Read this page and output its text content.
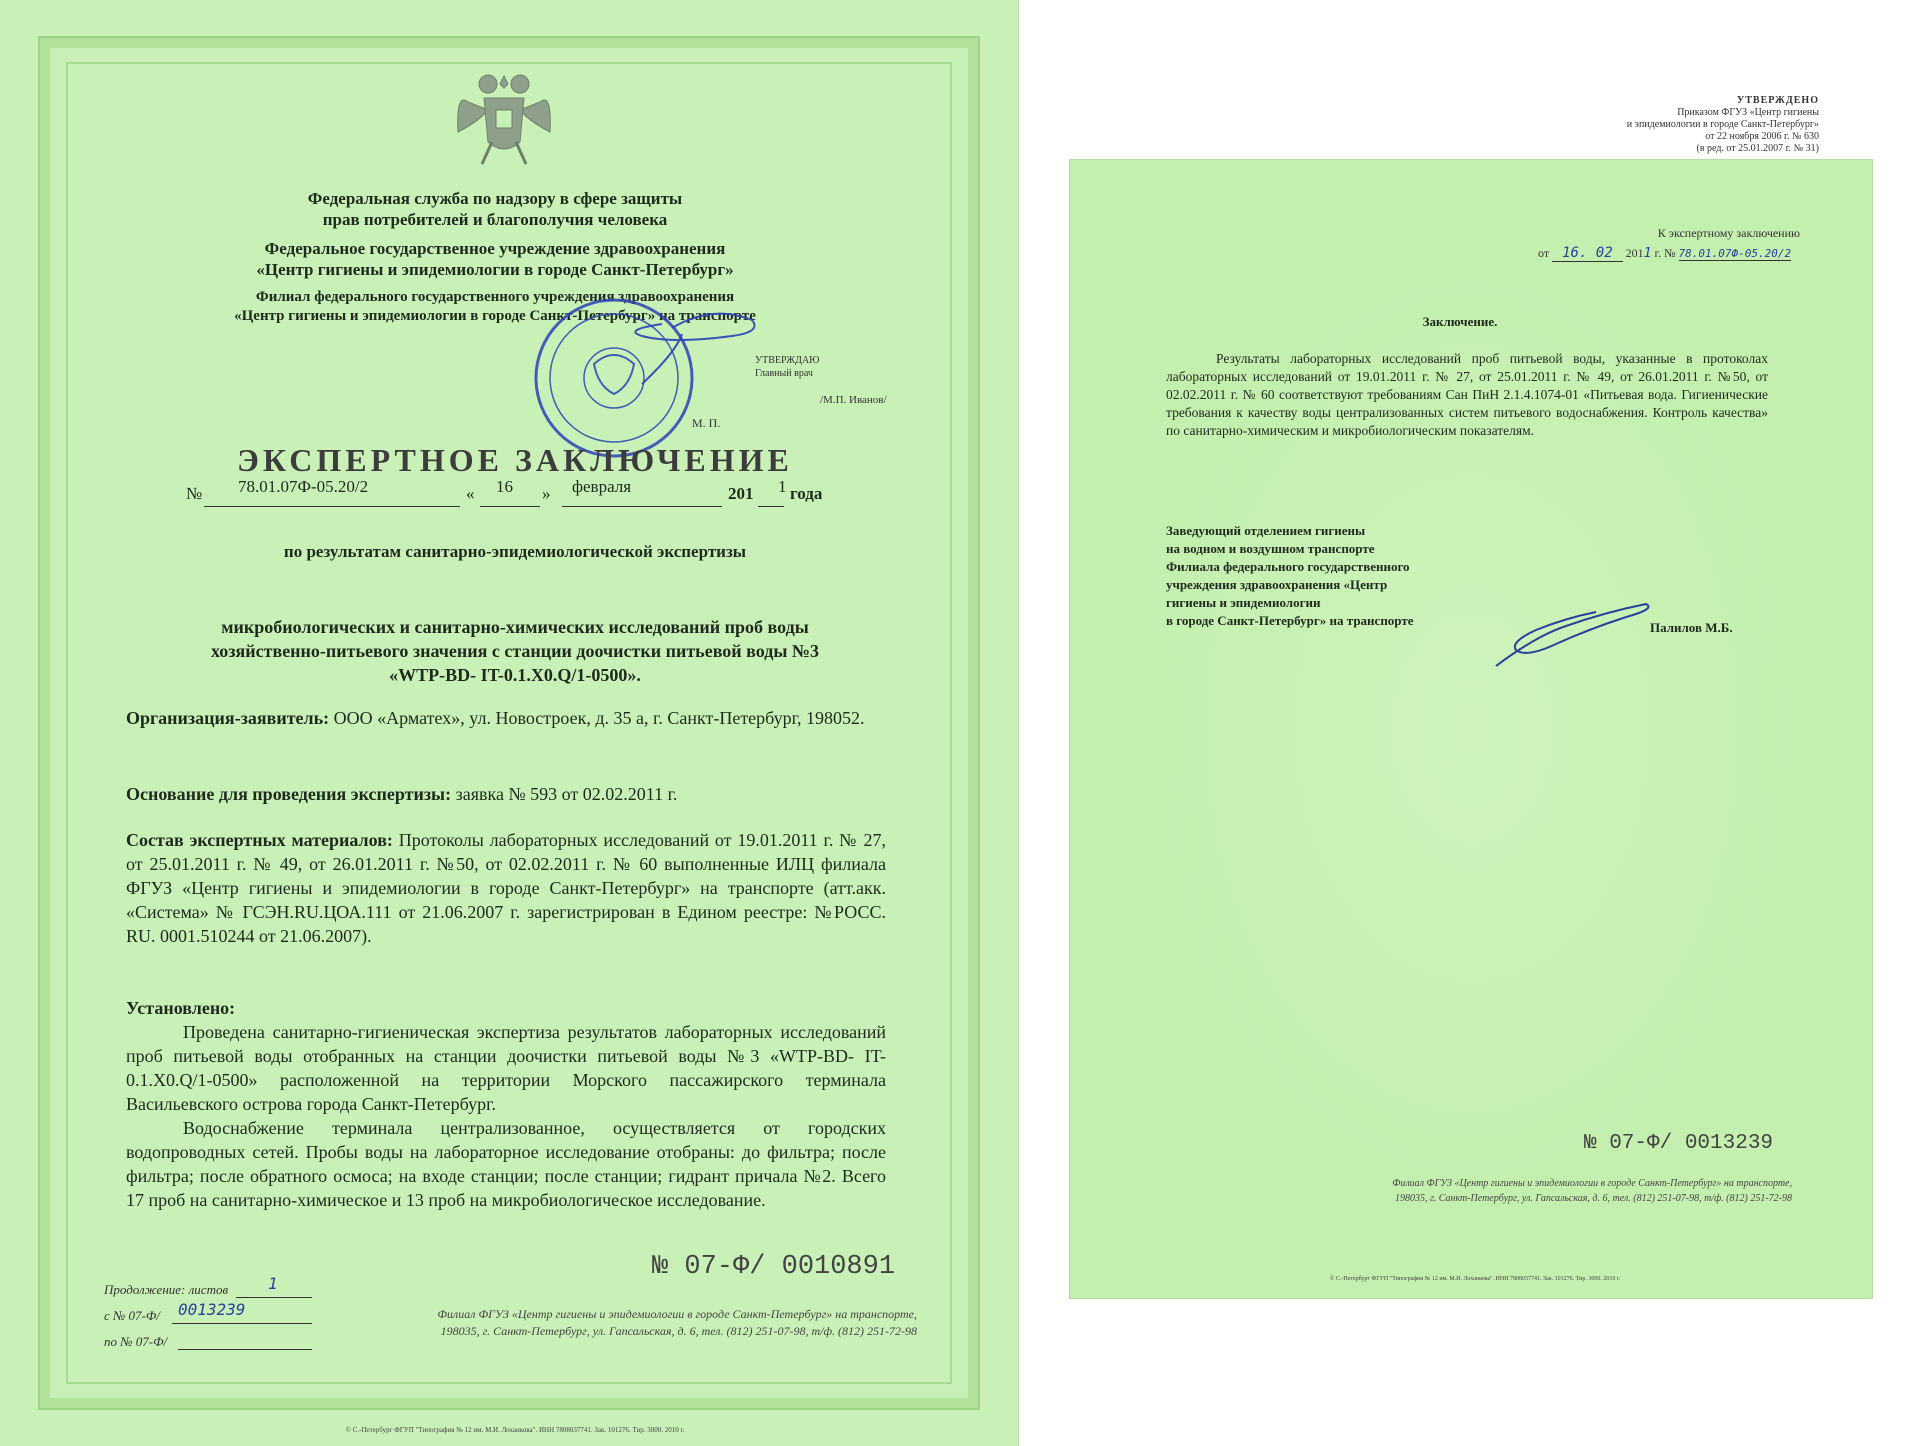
УТВЕРЖДЕНО
Приказом ФГУЗ «Центр гигиены
и эпидемиологии в городе Санкт-Петербург»
от 22 ноября 2006 г. № 630
(в ред. от 25.01.2007 г. № 31)
Федеральная служба по надзору в сфере защиты
прав потребителей и благополучия человека
Федеральное государственное учреждение здравоохранения
«Центр гигиены и эпидемиологии в городе Санкт-Петербург»
Филиал федерального государственного учреждения здравоохранения
«Центр гигиены и эпидемиологии в городе Санкт-Петербург» на транспорте
УТВЕРЖДАЮ
Главный врач
М. П.
/М.П. Иванов/
ЭКСПЕРТНОЕ ЗАКЛЮЧЕНИЕ
№ 78.01.07Ф-05.20/2	« 16 » февраля	201 1 года
по результатам санитарно-эпидемиологической экспертизы
микробиологических и санитарно-химических исследований проб воды
хозяйственно-питьевого значения с станции доочистки питьевой воды №3
«WTP-BD- IT-0.1.X0.Q/1-0500».
Организация-заявитель: ООО «Арматех», ул. Новостроек, д. 35 а, г. Санкт-Петербург, 198052.
Основание для проведения экспертизы: заявка № 593 от 02.02.2011 г.
Состав экспертных материалов: Протоколы лабораторных исследований от 19.01.2011 г. № 27, от 25.01.2011 г. № 49, от 26.01.2011 г. №50, от 02.02.2011 г. № 60 выполненные ИЛЦ филиала ФГУЗ «Центр гигиены и эпидемиологии в городе Санкт-Петербург» на транспорте (атт.акк. «Система» № ГСЭН.RU.ЦОА.111 от 21.06.2007 г. зарегистрирован в Едином реестре: №РОСС. RU. 0001.510244 от 21.06.2007).

Установлено:

Проведена санитарно-гигиеническая экспертиза результатов лабораторных исследований проб питьевой воды отобранных на станции доочистки питьевой воды №3 «WTP-BD- IT-0.1.X0.Q/1-0500» расположенной на территории Морского пассажирского терминала Васильевского острова города Санкт-Петербург.

Водоснабжение терминала централизованное, осуществляется от городских водопроводных сетей. Пробы воды на лабораторное исследование отобраны: до фильтра; после фильтра; после обратного осмоса; на входе станции; после станции; гидрант причала №2. Всего 17 проб на санитарно-химическое и 13 проб на микробиологическое исследование.

№ 07-Ф/ 0010891
Продолжение: листов 1
с № 07-Ф/ 0013239
по № 07-Ф/
Филиал ФГУЗ «Центр гигиены и эпидемиологии в городе Санкт-Петербург» на транспорте,
198035, г. Санкт-Петербург, ул. Гапсальская, д. 6, тел. (812) 251-07-98, т/ф. (812) 251-72-98
© С.-Петербург ФГУП "Типография № 12 им. М.И. Лоханкова". ИНН 7808037741. Зак. 101276. Тир. 3000. 2010 г.
К экспертному заключению
от 16. 02 2011 г. № 78.01.07Ф-05.20/2
Заключение.

Результаты лабораторных исследований проб питьевой воды, указанные в протоколах лабораторных исследований от 19.01.2011 г. № 27, от 25.01.2011 г. № 49, от 26.01.2011 г. №50, от 02.02.2011 г. № 60 соответствуют требованиям Сан ПиН 2.1.4.1074-01 «Питьевая вода. Гигиенические требования к качеству воды централизованных систем питьевого водоснабжения. Контроль качества» по санитарно-химическим и микробиологическим показателям.

Заведующий отделением гигиены
на водном и воздушном транспорте
Филиала федерального государственного
учреждения здравоохранения «Центр
гигиены и эпидемиологии
в городе Санкт-Петербург» на транспорте	Палилов М.Б.
№ 07-Ф/ 0013239
Филиал ФГУЗ «Центр гигиены и эпидемиологии в городе Санкт-Петербург» на транспорте,
198035, г. Санкт-Петербург, ул. Гапсальская, д. 6, тел. (812) 251-07-98, т/ф. (812) 251-72-98
© С.-Петербург ФГУП "Типография № 12 им. М.И. Лоханкова". ИНН 7808037741. Зак. 101276. Тир. 3000. 2010 г.
